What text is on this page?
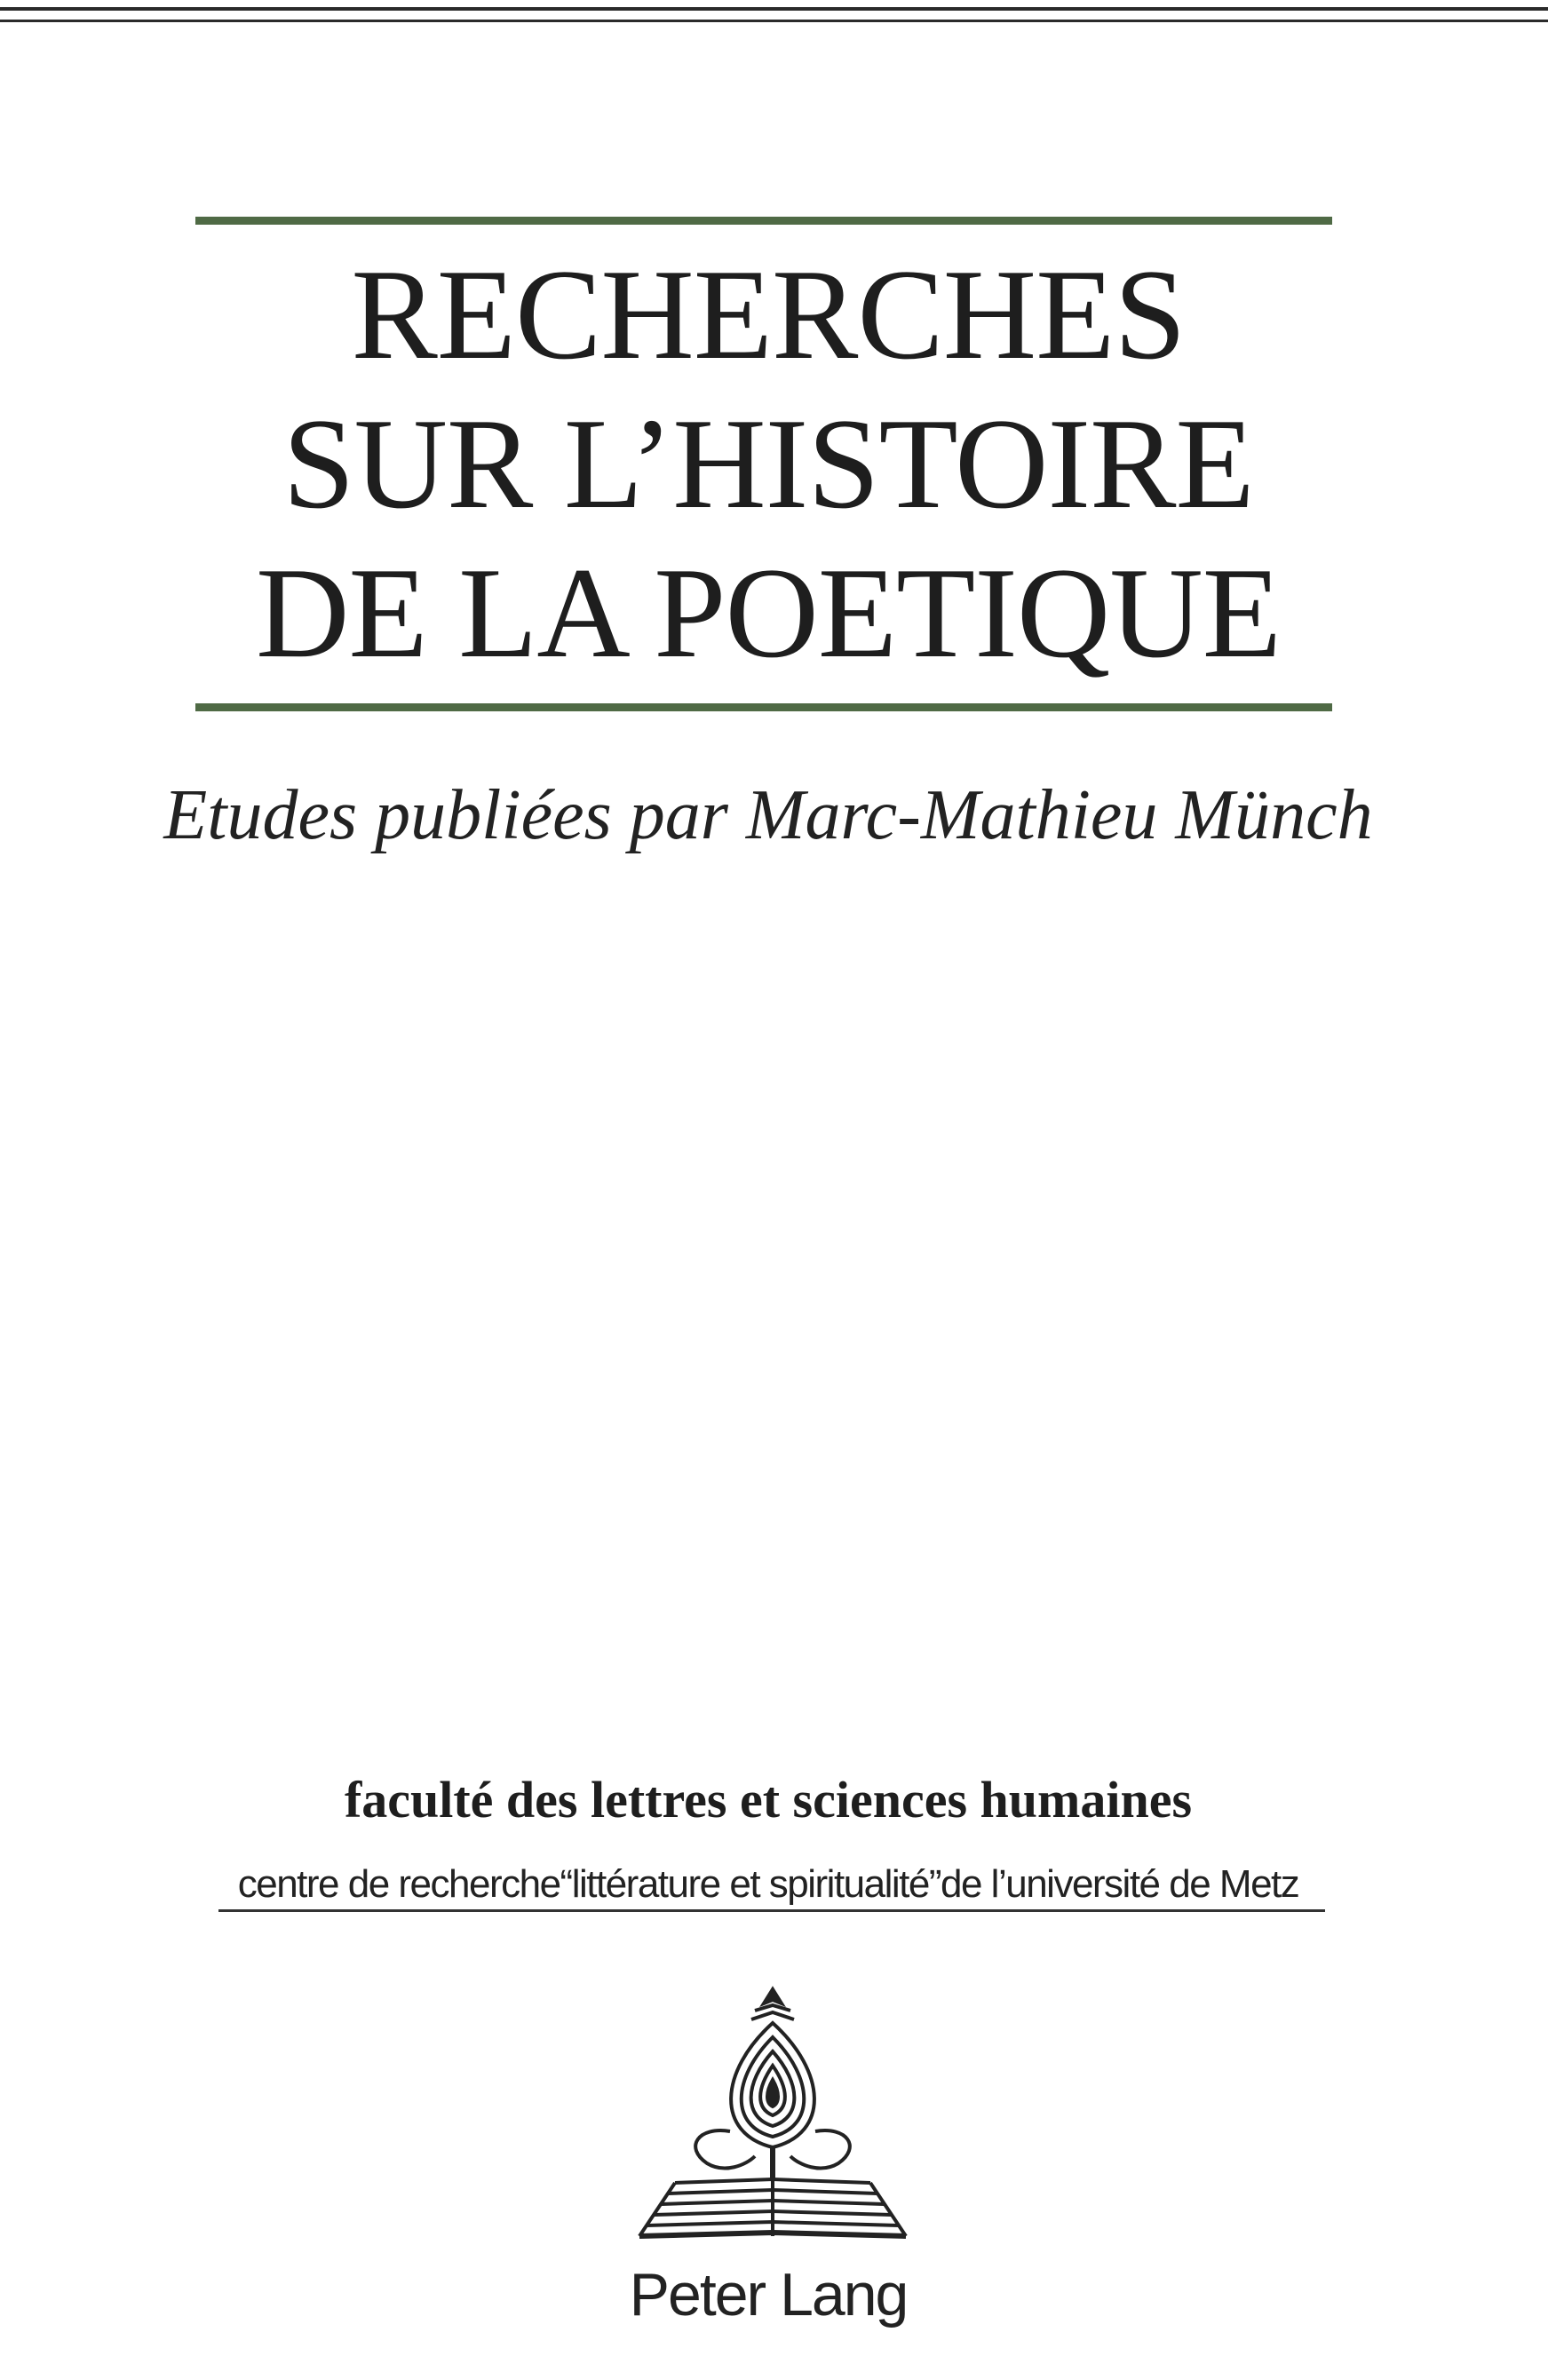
RECHERCHES
SUR L’HISTOIRE
DE LA POETIQUE
Etudes publiées par Marc-Mathieu Münch
faculté des lettres et sciences humaines
centre de recherche“littérature et spiritualité”de l’université de Metz
Peter Lang
